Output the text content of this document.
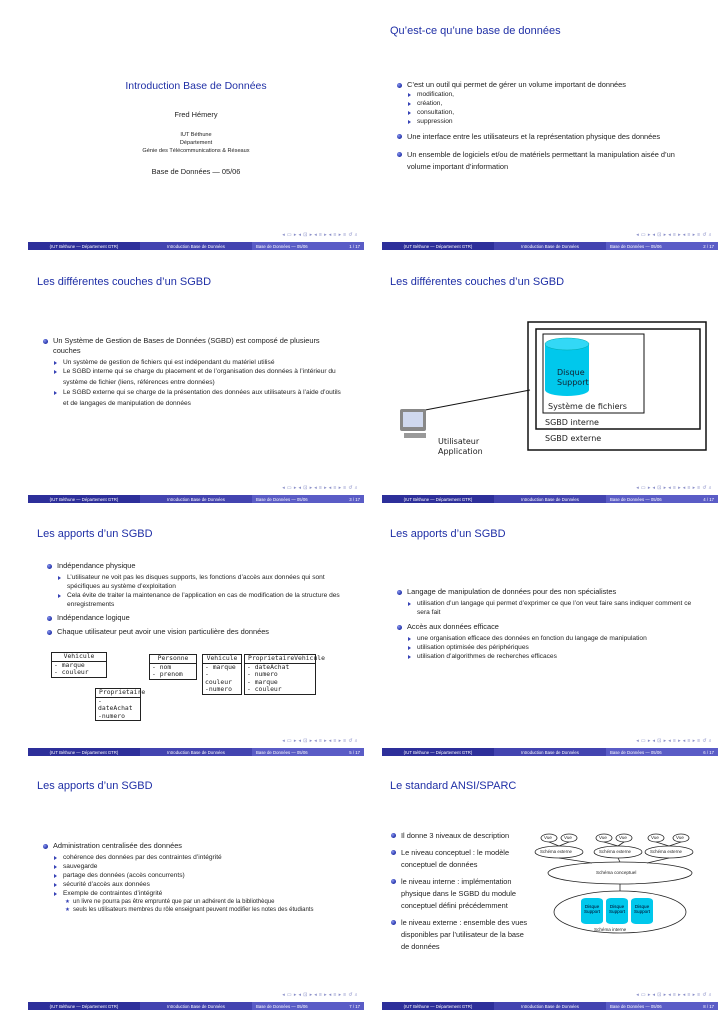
Introduction Base de Données
Fred Hémery
IUT Béthune
Département
Génie des Télécommunications & Réseaux
Base de Données — 05/06
◂ ▭ ▸ ◂ ⊡ ▸ ◂ ≡ ▸ ◂ ≡ ▸ ≡ ↺ ⌕
(IUT Béthune — Département GTR)	Introduction Base de Données	Base de Données — 05/06	1 / 17
Qu’est-ce qu’une base de données
C’est un outil qui permet de gérer un volume important de données
modification,
création,
consultation,
suppression
Une interface entre les utilisateurs et la représentation physique des données
Un ensemble de logiciels et/ou de matériels permettant la manipulation aisée d’un volume important d’information
◂ ▭ ▸ ◂ ⊡ ▸ ◂ ≡ ▸ ◂ ≡ ▸ ≡ ↺ ⌕
(IUT Béthune — Département GTR)	Introduction Base de Données	Base de Données — 05/06	2 / 17
Les différentes couches d’un SGBD
Un Système de Gestion de Bases de Données (SGBD) est composé de plusieurs couches
Un système de gestion de fichiers qui est indépendant du matériel utilisé
Le SGBD interne qui se charge du placement et de l’organisation des données à l’intérieur du système de fichier (liens, références entre données)
Le SGBD externe qui se charge de la présentation des données aux utilisateurs à l’aide d’outils et de langages de manipulation de données
◂ ▭ ▸ ◂ ⊡ ▸ ◂ ≡ ▸ ◂ ≡ ▸ ≡ ↺ ⌕
(IUT Béthune — Département GTR)	Introduction Base de Données	Base de Données — 05/06	3 / 17
Les différentes couches d’un SGBD
Disque
Support
Système de fichiers
SGBD interne
SGBD externe
Utilisateur
Application
◂ ▭ ▸ ◂ ⊡ ▸ ◂ ≡ ▸ ◂ ≡ ▸ ≡ ↺ ⌕
(IUT Béthune — Département GTR)	Introduction Base de Données	Base de Données — 05/06	4 / 17
Les apports d’un SGBD
Indépendance physique
L’utilisateur ne voit pas les disques supports, les fonctions d’accès aux données qui sont spécifiques au système d’exploitation
Cela évite de traiter la maintenance de l’application en cas de modification de la structure des enregistrements
Indépendance logique
Chaque utilisateur peut avoir une vision particulière des données
Vehicule
- marque
- couleur
Personne
- nom
- prenom
Vehicule
- marque
- couleur
-numero
ProprietaireVehicule
- dateAchat
- numero
- marque
- couleur
Proprietaire
- dateAchat
-numero
◂ ▭ ▸ ◂ ⊡ ▸ ◂ ≡ ▸ ◂ ≡ ▸ ≡ ↺ ⌕
(IUT Béthune — Département GTR)	Introduction Base de Données	Base de Données — 05/06	5 / 17
Les apports d’un SGBD
Langage de manipulation de données pour des non spécialistes
utilisation d’un langage qui permet d’exprimer ce que l’on veut faire sans indiquer comment ce sera fait
Accès aux données efficace
une organisation efficace des données en fonction du langage de manipulation
utilisation optimisée des périphériques
utilisation d’algorithmes de recherches efficaces
◂ ▭ ▸ ◂ ⊡ ▸ ◂ ≡ ▸ ◂ ≡ ▸ ≡ ↺ ⌕
(IUT Béthune — Département GTR)	Introduction Base de Données	Base de Données — 05/06	6 / 17
Les apports d’un SGBD
Administration centralisée des données
cohérence des données par des contraintes d’intégrité
sauvegarde
partage des données (accès concurrents)
sécurité d’accès aux données
Exemple de contraintes d’intégrité
★ un livre ne pourra pas être emprunté que par un adhérent de la bibliothèque
★ seuls les utilisateurs membres du rôle enseignant peuvent modifier les notes des étudiants
◂ ▭ ▸ ◂ ⊡ ▸ ◂ ≡ ▸ ◂ ≡ ▸ ≡ ↺ ⌕
(IUT Béthune — Département GTR)	Introduction Base de Données	Base de Données — 05/06	7 / 17
Le standard ANSI/SPARC
Il donne 3 niveaux de description
Le niveau conceptuel : le modèle conceptuel de données
le niveau interne : implémentation physique dans le SGBD du module conceptuel défini précédemment
le niveau externe : ensemble des vues disponibles par l’utilisateur de la base de données
Vue	Vue	Vue	Vue	Vue	Vue
Schéma externe	Schéma externe	Schéma externe
Schéma conceptuel
Disque
Support
Disque
Support
Disque
Support
Schéma interne
◂ ▭ ▸ ◂ ⊡ ▸ ◂ ≡ ▸ ◂ ≡ ▸ ≡ ↺ ⌕
(IUT Béthune — Département GTR)	Introduction Base de Données	Base de Données — 05/06	8 / 17
